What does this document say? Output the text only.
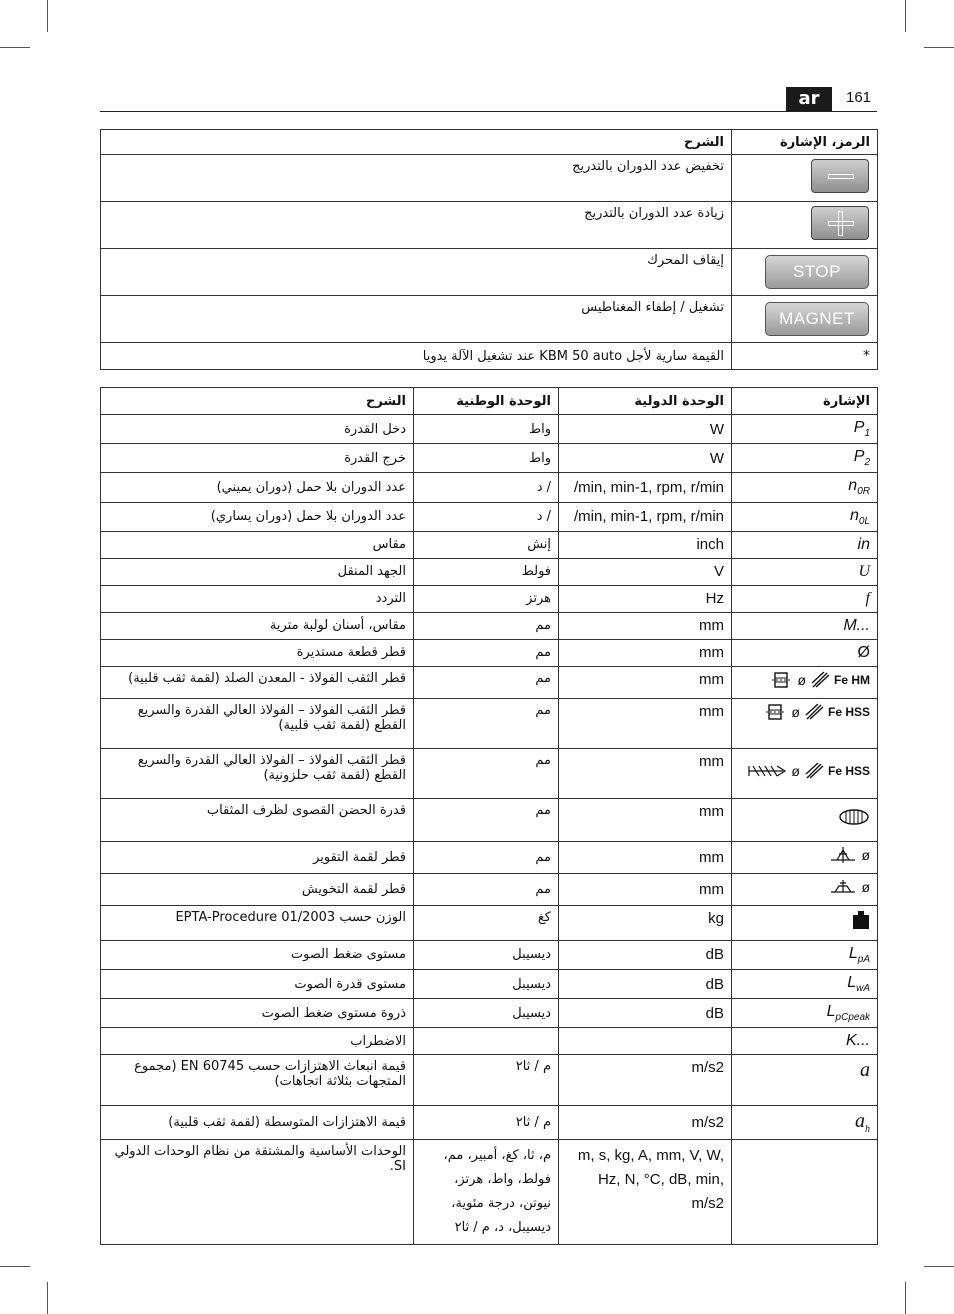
ar	161
الشرح	الرمز، الإشارة
تخفيض عدد الدوران بالتدريج	

زيادة عدد الدوران بالتدريج	

إيقاف المحرك	STOP
تشغيل / إطفاء المغناطيس	MAGNET
القيمة سارية لأجل KBM 50 auto عند تشغيل الآلة يدويا	*
الشرح	الوحدة الوطنية	الوحدة الدولية	الإشارة
دخل القدرة	واط	W	$P_1$
خرج القدرة	واط	W	$P_2$
عدد الدوران بلا حمل (دوران يميني)	/ د	/min, min-1, rpm, r/min	$n_{0R}$
عدد الدوران بلا حمل (دوران يساري)	/ د	/min, min-1, rpm, r/min	$n_{0L}$
مقاس	إنش	inch	in
الجهد المنقل	فولط	V	U
التردد	هرتز	Hz	f
مقاس، أسنان لولبة مترية	مم	mm	M...
قطر قطعة مستديرة	مم	mm	Ø
قطر الثقب الفولاذ - المعدن الصلد (لقمة ثقب قلبية)	مم	mm	ø Fe HM

قطر الثقب الفولاذ – الفولاذ العالي القدرة والسريع القطع (لقمة ثقب قلبية)	مم	mm	ø Fe HSS

قطر الثقب الفولاذ – الفولاذ العالي القدرة والسريع القطع (لقمة ثقب حلزونية)	مم	mm	ø Fe HSS

قدرة الحضن القصوى لظرف المثقاب	مم	mm	
قطر لقمة التقوير	مم	mm	ø

قطر لقمة التخويش	مم	mm	ø

الوزن حسب EPTA-Procedure 01/2003	كغ	kg	
مستوى ضغط الصوت	ديسيبل	dB	$L_{pA}$
مستوى قدرة الصوت	ديسيبل	dB	$L_{wA}$
ذروة مستوى ضغط الصوت	ديسيبل	dB	$L_{pCpeak}$
الاضطراب			K...
قيمة انبعاث الاهتزازات حسب EN 60745 (مجموع المتجهات بثلاثة اتجاهات)	م / ثا٢	m/s2	a
قيمة الاهتزازات المتوسطة (لقمة ثقب قلبية)	م / ثا٢	m/s2	$a_h$
الوحدات الأساسية والمشتقة من نظام الوحدات الدولي SI.	م، ثا، كغ، أمبير، مم، فولط، واط، هرتز، نيوتن، درجة مئوية، ديسيبل، د، م / ثا٢	m, s, kg, A, mm, V, W, Hz, N, °C, dB, min, m/s2	
